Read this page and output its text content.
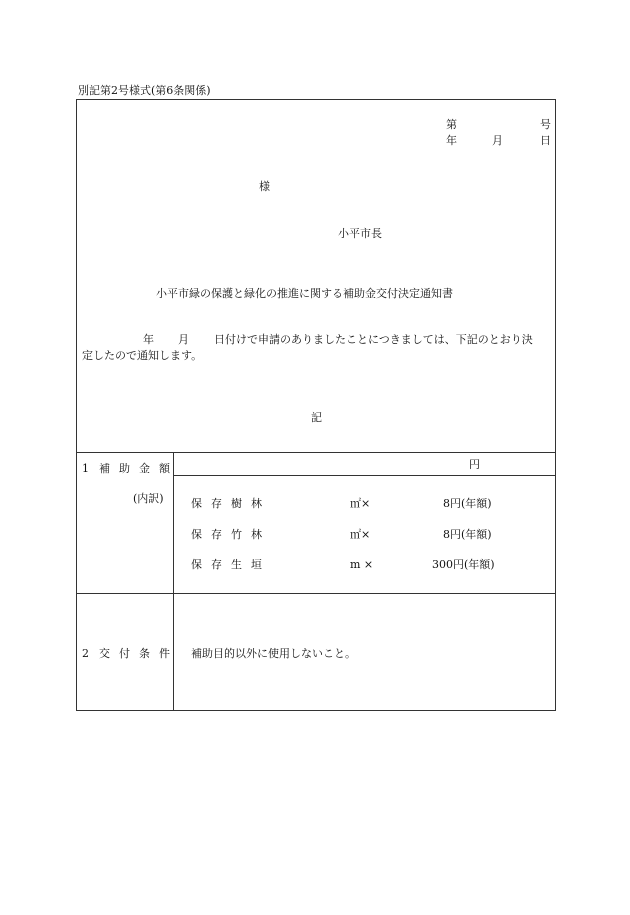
別記第2号様式(第6条関係)
第	号
年	月	日
様
小平市長
小平市緑の保護と緑化の推進に関する補助金交付決定通知書
年 月 日付けで申請のありましたことにつきましては、下記のとおり決
定したので通知します。
記
1 補助金額	円
(内訳) 保存樹林	㎡×	8円(年額)
保存竹林	㎡×	8円(年額)
保存生垣	m ×	300円(年額)
2 交付条件 補助目的以外に使用しないこと。
